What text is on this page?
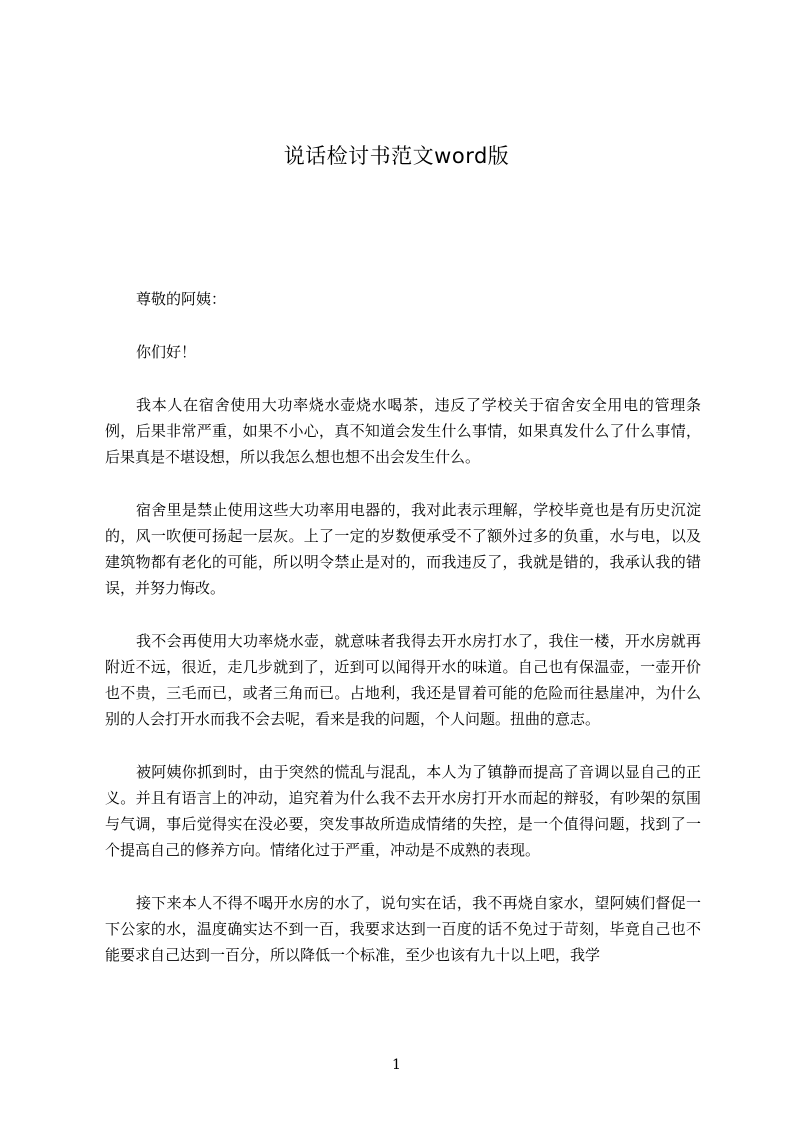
说话检讨书范文word版

尊敬的阿姨：

你们好！

我本人在宿舍使用大功率烧水壶烧水喝茶，违反了学校关于宿舍安全用电的管理条例，后果非常严重，如果不小心，真不知道会发生什么事情，如果真发什么了什么事情，后果真是不堪设想，所以我怎么想也想不出会发生什么。

宿舍里是禁止使用这些大功率用电器的，我对此表示理解，学校毕竟也是有历史沉淀的，风一吹便可扬起一层灰。上了一定的岁数便承受不了额外过多的负重，水与电，以及建筑物都有老化的可能，所以明令禁止是对的，而我违反了，我就是错的，我承认我的错误，并努力悔改。

我不会再使用大功率烧水壶，就意味者我得去开水房打水了，我住一楼，开水房就再附近不远，很近，走几步就到了，近到可以闻得开水的味道。自己也有保温壶，一壶开价也不贵，三毛而已，或者三角而已。占地利，我还是冒着可能的危险而往悬崖冲，为什么别的人会打开水而我不会去呢，看来是我的问题，个人问题。扭曲的意志。

被阿姨你抓到时，由于突然的慌乱与混乱，本人为了镇静而提高了音调以显自己的正义。并且有语言上的冲动，追究着为什么我不去开水房打开水而起的辩驳，有吵架的氛围与气调，事后觉得实在没必要，突发事故所造成情绪的失控，是一个值得问题，找到了一个提高自己的修养方向。情绪化过于严重，冲动是不成熟的表现。

接下来本人不得不喝开水房的水了，说句实在话，我不再烧自家水，望阿姨们督促一下公家的水，温度确实达不到一百，我要求达到一百度的话不免过于苛刻，毕竟自己也不能要求自己达到一百分，所以降低一个标准，至少也该有九十以上吧，我学

1
